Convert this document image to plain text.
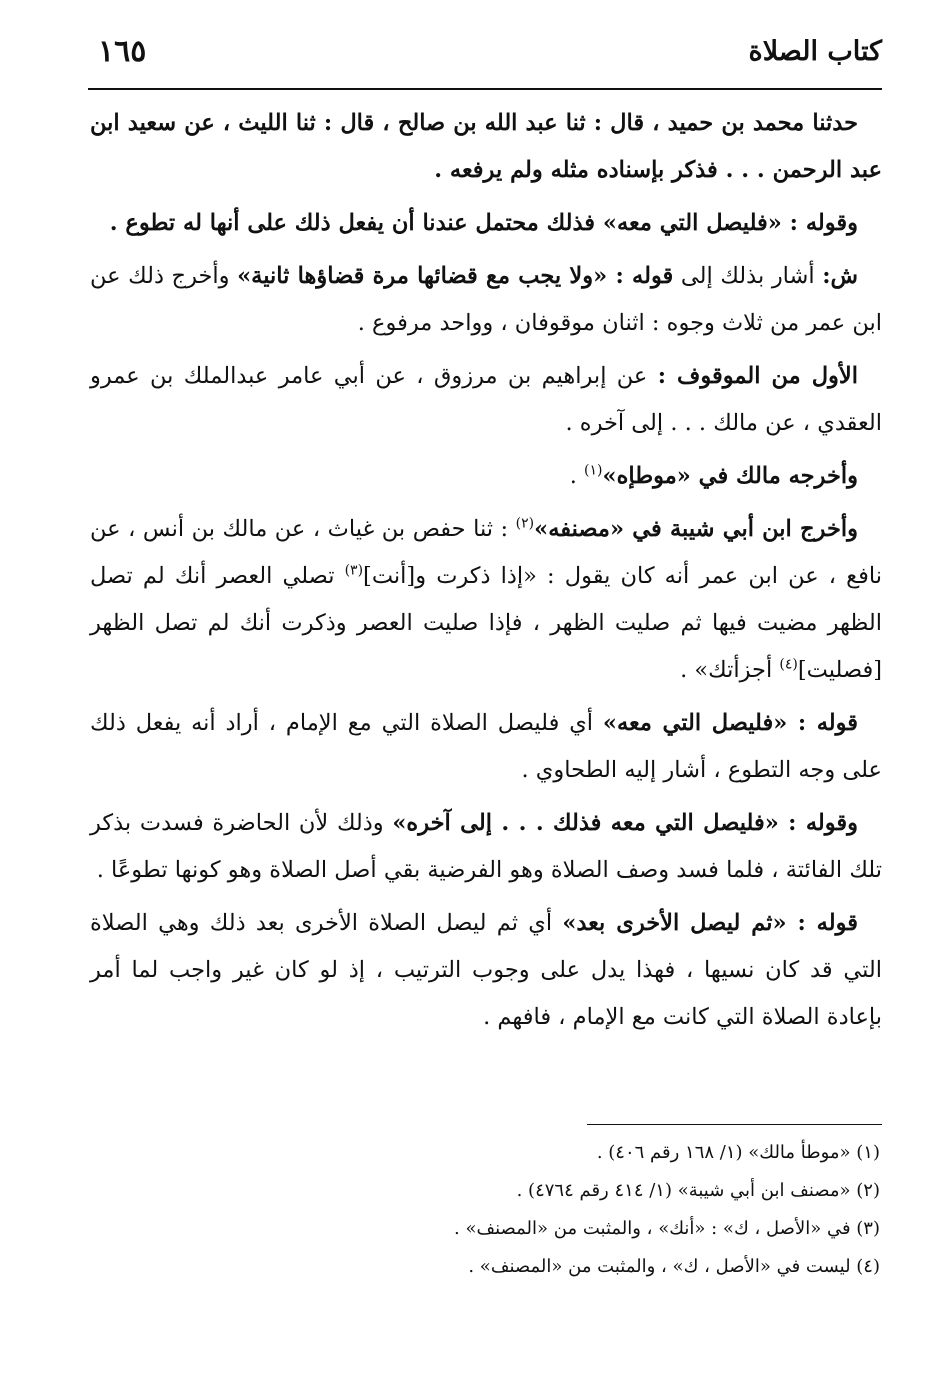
كتاب الصلاة
١٦٥

حدثنا محمد بن حميد ، قال : ثنا عبد الله بن صالح ، قال : ثنا الليث ، عن سعيد ابن عبد الرحمن . . . فذكر بإسناده مثله ولم يرفعه .

وقوله : «فليصل التي معه» فذلك محتمل عندنا أن يفعل ذلك على أنها له تطوع .

ش: أشار بذلك إلى قوله : «ولا يجب مع قضائها مرة قضاؤها ثانية» وأخرج ذلك عن ابن عمر من ثلاث وجوه : اثنان موقوفان ، وواحد مرفوع .

الأول من الموقوف : عن إبراهيم بن مرزوق ، عن أبي عامر عبدالملك بن عمرو العقدي ، عن مالك . . . إلى آخره .

وأخرجه مالك في «موطإه»$^{(١)}$ .

وأخرج ابن أبي شيبة في «مصنفه»$^{(٢)}$ : ثنا حفص بن غياث ، عن مالك بن أنس ، عن نافع ، عن ابن عمر أنه كان يقول : «إذا ذكرت و[أنت]$^{(٣)}$ تصلي العصر أنك لم تصل الظهر مضيت فيها ثم صليت الظهر ، فإذا صليت العصر وذكرت أنك لم تصل الظهر [فصليت]$^{(٤)}$ أجزأتك» .

قوله : «فليصل التي معه» أي فليصل الصلاة التي مع الإمام ، أراد أنه يفعل ذلك على وجه التطوع ، أشار إليه الطحاوي .

وقوله : «فليصل التي معه فذلك . . . إلى آخره» وذلك لأن الحاضرة فسدت بذكر تلك الفائتة ، فلما فسد وصف الصلاة وهو الفرضية بقي أصل الصلاة وهو كونها تطوعًا .

قوله : «ثم ليصل الأخرى بعد» أي ثم ليصل الصلاة الأخرى بعد ذلك وهي الصلاة التي قد كان نسيها ، فهذا يدل على وجوب الترتيب ، إذ لو كان غير واجب لما أمر بإعادة الصلاة التي كانت مع الإمام ، فافهم .

(١) «موطأ مالك» (١/ ١٦٨ رقم ٤٠٦) .

(٢) «مصنف ابن أبي شيبة» (١/ ٤١٤ رقم ٤٧٦٤) .

(٣) في «الأصل ، ك» : «أنك» ، والمثبت من «المصنف» .

(٤) ليست في «الأصل ، ك» ، والمثبت من «المصنف» .
